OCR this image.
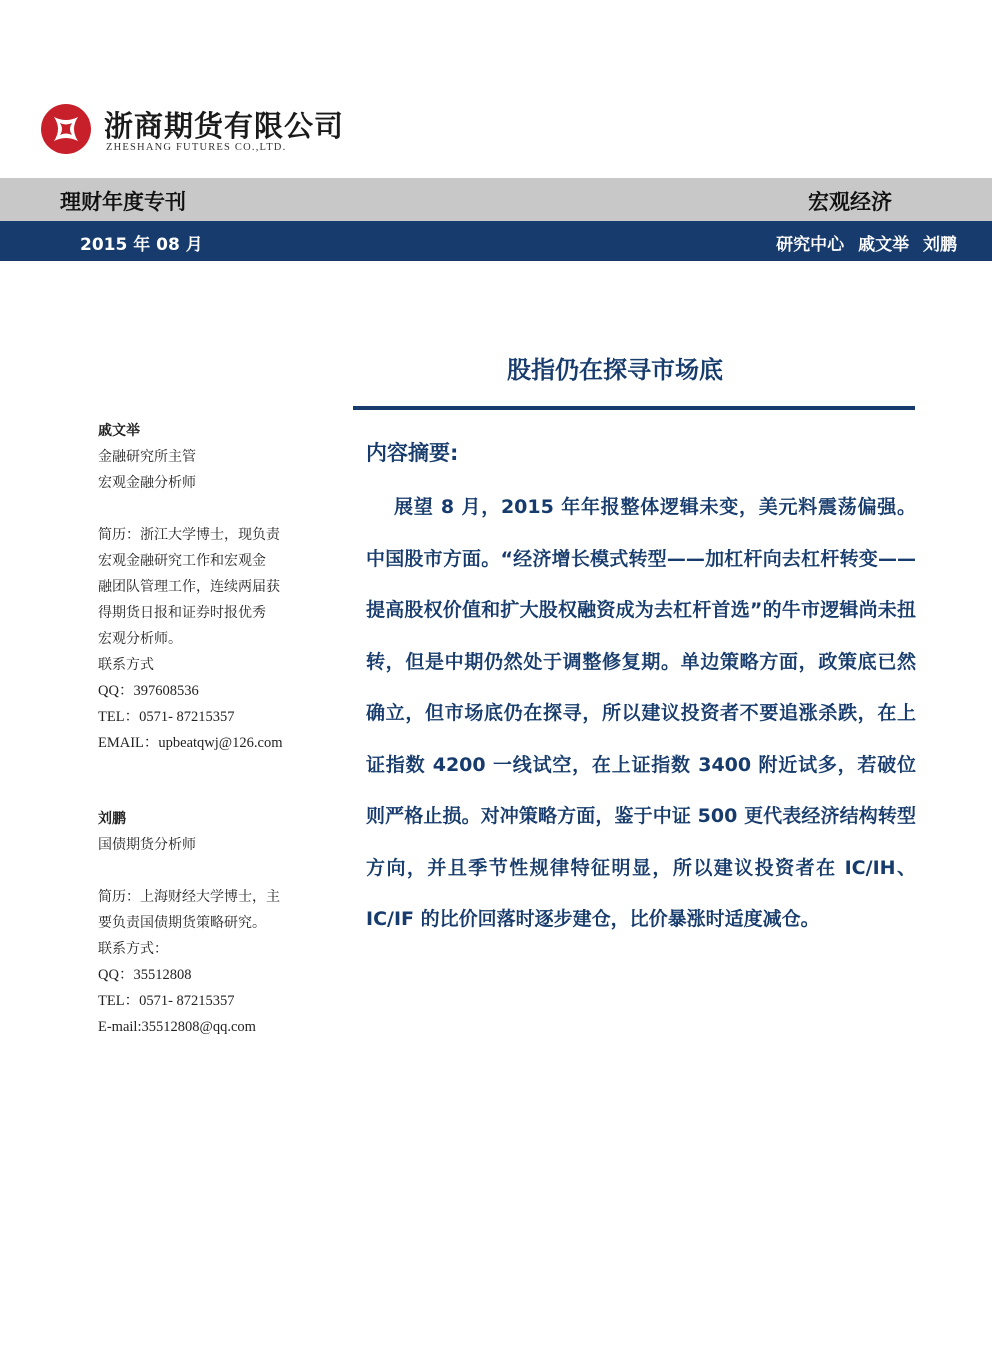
浙商期货有限公司
ZHESHANG FUTURES CO.,LTD.
理财年度专刊	宏观经济
2015 年 08 月	研究中心 戚文举 刘鹏
股指仍在探寻市场底
戚文举
金融研究所主管
宏观金融分析师
简历：浙江大学博士，现负责
宏观金融研究工作和宏观金
融团队管理工作，连续两届获
得期货日报和证券时报优秀
宏观分析师。
联系方式
QQ：397608536
TEL：0571- 87215357
EMAIL：upbeatqwj@126.com
刘鹏
国债期货分析师
简历：上海财经大学博士，主
要负责国债期货策略研究。
联系方式：
QQ：35512808
TEL：0571- 87215357
E-mail:35512808@qq.com
内容摘要:
展望 8 月，2015 年年报整体逻辑未变，美元料震荡偏强。中国股市方面。“经济增长模式转型——加杠杆向去杠杆转变——提高股权价值和扩大股权融资成为去杠杆首选”的牛市逻辑尚未扭转，但是中期仍然处于调整修复期。单边策略方面，政策底已然确立，但市场底仍在探寻，所以建议投资者不要追涨杀跌，在上证指数 4200 一线试空，在上证指数 3400 附近试多，若破位则严格止损。对冲策略方面，鉴于中证 500 更代表经济结构转型方向，并且季节性规律特征明显，所以建议投资者在 IC/IH、IC/IF 的比价回落时逐步建仓，比价暴涨时适度减仓。
